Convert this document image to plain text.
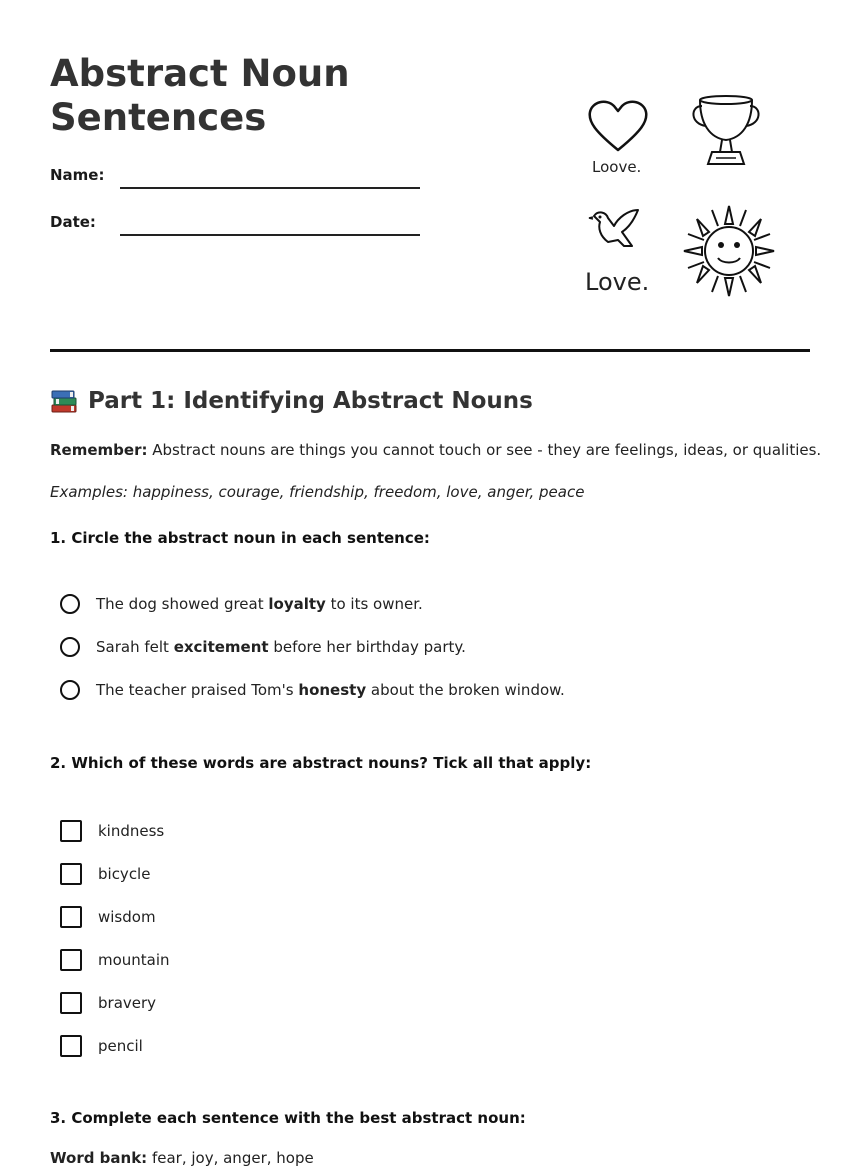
Abstract Noun
Sentences
Name:
Date:
Loove.
Love.
Part 1: Identifying Abstract Nouns
Remember: Abstract nouns are things you cannot touch or see - they are feelings, ideas, or qualities.
Examples: happiness, courage, friendship, freedom, love, anger, peace
1. Circle the abstract noun in each sentence:
The dog showed great loyalty to its owner.
Sarah felt excitement before her birthday party.
The teacher praised Tom's honesty about the broken window.
2. Which of these words are abstract nouns? Tick all that apply:
kindness
bicycle
wisdom
mountain
bravery
pencil
3. Complete each sentence with the best abstract noun:
Word bank: fear, joy, anger, hope
